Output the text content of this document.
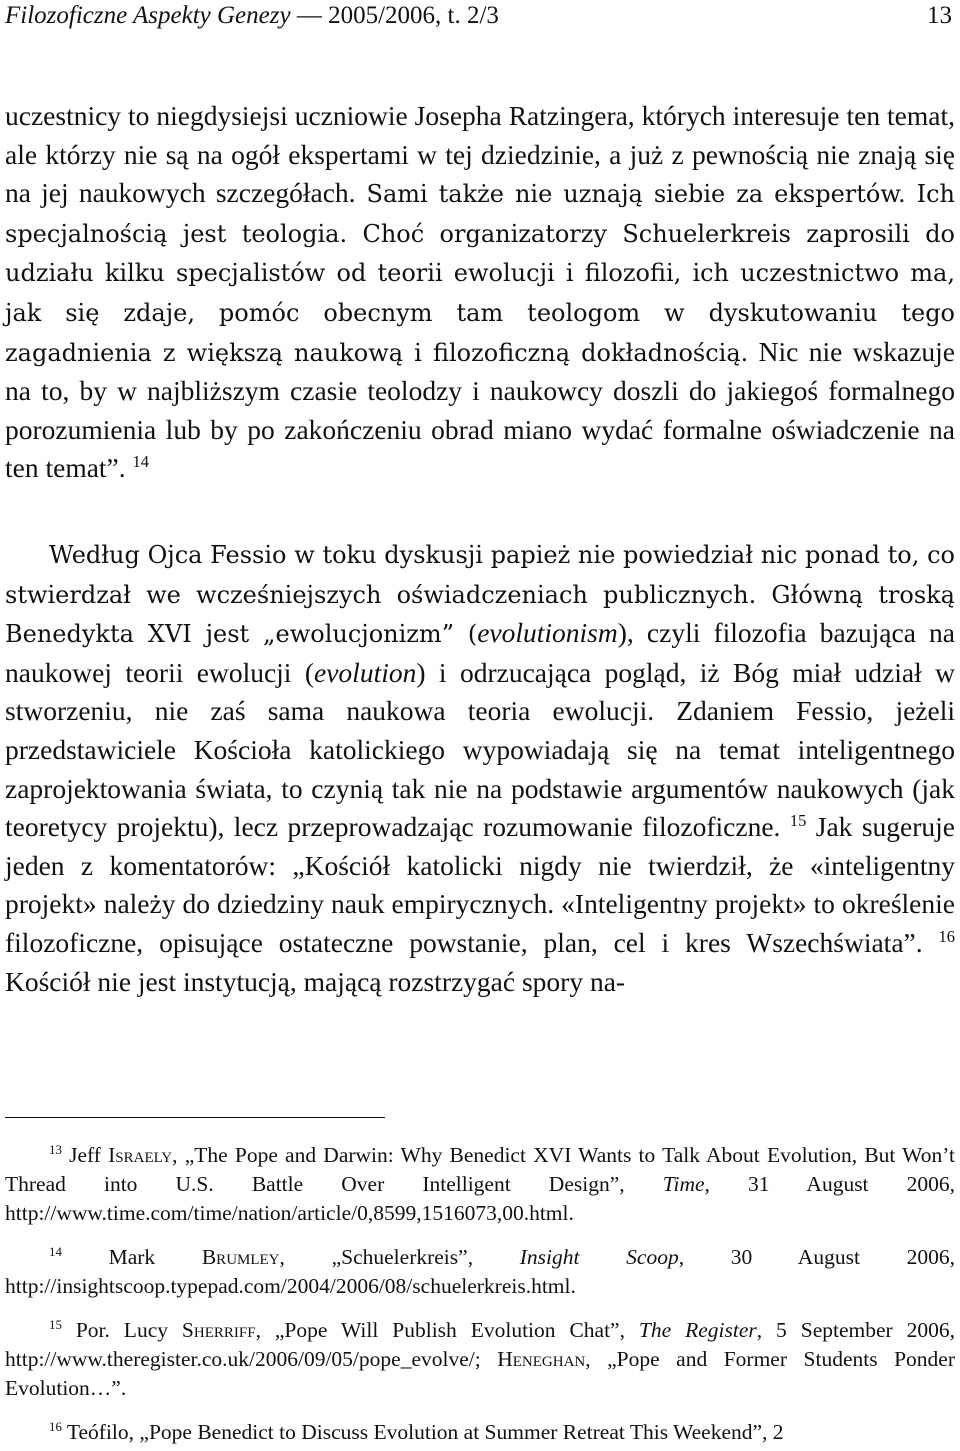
Filozoficzne Aspekty Genezy — 2005/2006, t. 2/3	13

uczestnicy to niegdysiejsi uczniowie Josepha Ratzingera, których interesuje ten temat, ale którzy nie są na ogół ekspertami w tej dziedzinie, a już z pewnością nie znają się na jej naukowych szczegółach. Sami także nie uznają siebie za ekspertów. Ich specjalnością jest teologia. Choć organizatorzy Schuelerkreis zaprosili do udziału kilku specjalistów od teorii ewolucji i filozofii, ich uczestnictwo ma, jak się zdaje, pomóc obecnym tam teologom w dyskutowaniu tego zagadnienia z większą naukową i filozoficzną dokładnością. Nic nie wskazuje na to, by w najbliższym czasie teolodzy i naukowcy doszli do jakiegoś formalnego porozumienia lub by po zakończeniu obrad miano wydać formalne oświadczenie na ten temat”. $^{14}$

Według Ojca Fessio w toku dyskusji papież nie powiedział nic ponad to, co stwierdzał we wcześniejszych oświadczeniach publicznych. Główną troską Benedykta XVI jest „ewolucjonizm” (evolutionism), czyli filozofia bazująca na naukowej teorii ewolucji (evolution) i odrzucająca pogląd, iż Bóg miał udział w stworzeniu, nie zaś sama naukowa teoria ewolucji. Zdaniem Fessio, jeżeli przedstawiciele Kościoła katolickiego wypowiadają się na temat inteligentnego zaprojektowania świata, to czynią tak nie na podstawie argumentów naukowych (jak teoretycy projektu), lecz przeprowadzając rozumowanie filozoficzne. $^{15}$ Jak sugeruje jeden z komentatorów: „Kościół katolicki nigdy nie twierdził, że «inteligentny projekt» należy do dziedziny nauk empirycznych. «Inteligentny projekt» to określenie filozoficzne, opisujące ostateczne powstanie, plan, cel i kres Wszechświata”. $^{16}$ Kościół nie jest instytucją, mającą rozstrzygać spory na-

$^{13}$ Jeff Israely, „The Pope and Darwin: Why Benedict XVI Wants to Talk About Evolution, But Won’t Thread into U.S. Battle Over Intelligent Design”, Time, 31 August 2006, http://www.time.com/time/nation/article/0,8599,1516073,00.html.

$^{14}$ Mark Brumley, „Schuelerkreis”, Insight Scoop, 30 August 2006, http://insightscoop.typepad.com/2004/2006/08/schuelerkreis.html.

$^{15}$ Por. Lucy Sherriff, „Pope Will Publish Evolution Chat”, The Register, 5 September 2006, http://www.theregister.co.uk/2006/09/05/pope_evolve/; Heneghan, „Pope and Former Students Ponder Evolution…”.

$^{16}$ Teófilo, „Pope Benedict to Discuss Evolution at Summer Retreat This Weekend”, 2
